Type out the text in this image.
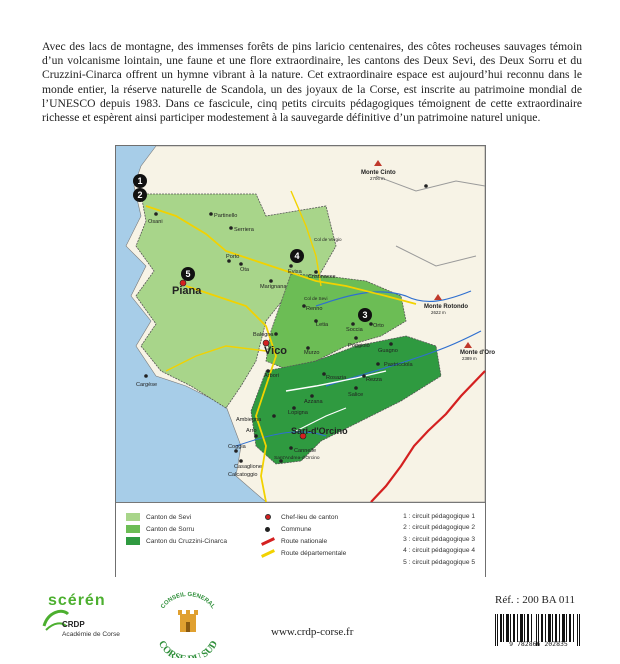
Avec des lacs de montagne, des immenses forêts de pins laricio centenaires, des côtes rocheuses sauvages témoin d’un volcanisme lointain, une faune et une flore extraordinaire, les cantons des Deux Sevi, des Deux Sorru et du Cruzzini-Cinarca offrent un hymne vibrant à la nature. Cet extraordinaire espace est aujourd’hui reconnu dans le monde entier, la réserve naturelle de Scandola, un des joyaux de la Corse, est inscrite au patrimoine mondial de l’UNESCO depuis 1983. Dans ce fascicule, cinq petits circuits pédagogiques témoignent de cette extraordinaire richesse et espèrent ainsi participer modestement à la sauvegarde définitive d’un patrimoine naturel unique.

1
2
3
4
5
Piana
Vico
Sari-d'Orcino
Osani
Partinello
Serriera
Porto
Ota	Evisa
Cristinacce
Marignana
Renno
Letia
Soccia
Orto
Poggiolo
Guagno
Balogna
Murzo
Arbori
Cargèse
Rosazia
Salice
Rezza
Azzana
Lopigna
Ambiegna
Arro
Coggia
Casaglione
Cannelle
Sant'Andrea-d'Orcino
Calcatoggio
Pastricciola
Monte Cinto
2706 m
Monte Rotondo
2622 m
Monte d'Oro
2389 m
Col de Vergio
Col de Sevi
Canton de Sevi
Canton de Sorru
Canton du Cruzzini-Cinarca
Chef-lieu de canton
Commune
Route nationale
Route départementale
1 : circuit pédagogique 1
2 : circuit pédagogique 2
3 : circuit pédagogique 3
4 : circuit pédagogique 4
5 : circuit pédagogique 5
scérén
CRDP
Académie de Corse
CONSEIL GENERAL
CORS U SUD
www.crdp-corse.fr
Réf. : 200 BA 011
9 782866 202835
